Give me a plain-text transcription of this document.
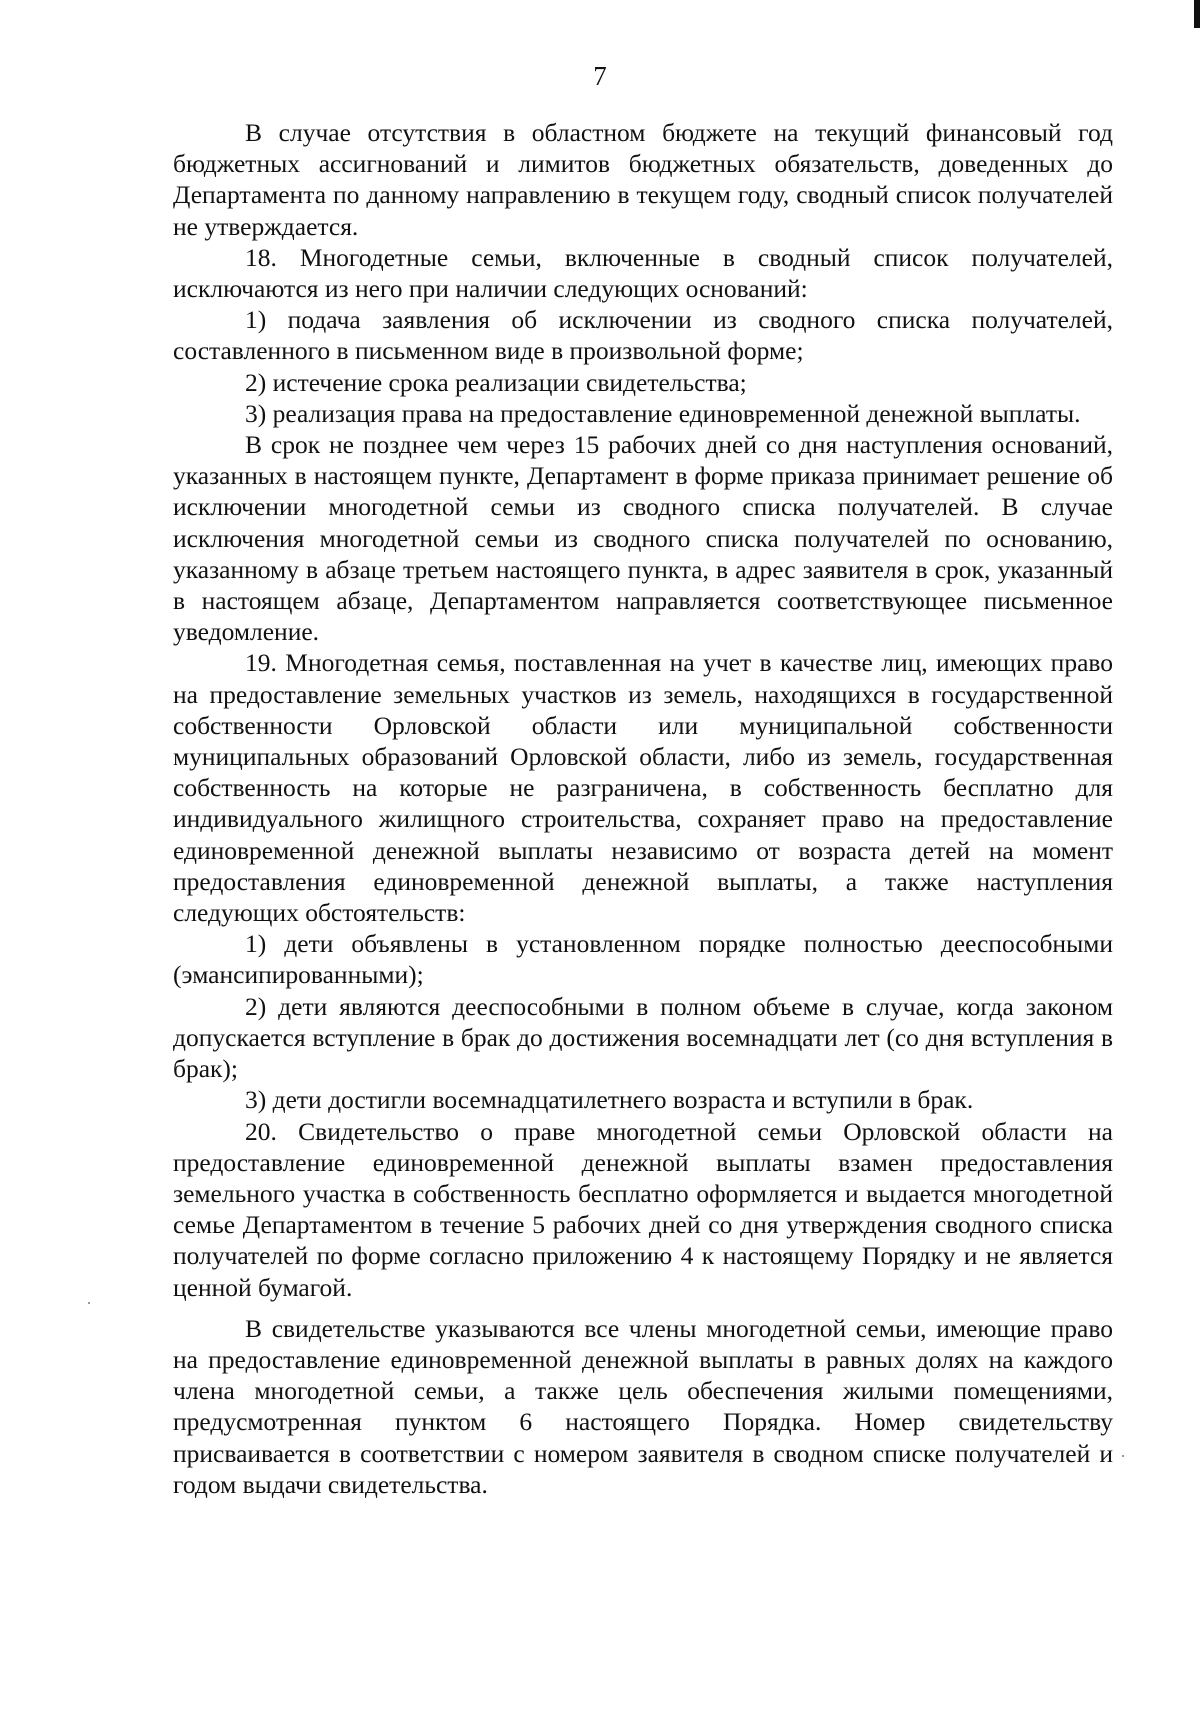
7

В случае отсутствия в областном бюджете на текущий финансовый год бюджетных ассигнований и лимитов бюджетных обязательств, доведенных до Департамента по данному направлению в текущем году, сводный список получателей не утверждается.

18. Многодетные семьи, включенные в сводный список получателей, исключаются из него при наличии следующих оснований:

1) подача заявления об исключении из сводного списка получателей, составленного в письменном виде в произвольной форме;

2) истечение срока реализации свидетельства;

3) реализация права на предоставление единовременной денежной выплаты.

В срок не позднее чем через 15 рабочих дней со дня наступления оснований, указанных в настоящем пункте, Департамент в форме приказа принимает решение об исключении многодетной семьи из сводного списка получателей. В случае исключения многодетной семьи из сводного списка получателей по основанию, указанному в абзаце третьем настоящего пункта, в адрес заявителя в срок, указанный в настоящем абзаце, Департаментом направляется соответствующее письменное уведомление.

19. Многодетная семья, поставленная на учет в качестве лиц, имеющих право на предоставление земельных участков из земель, находящихся в государственной собственности Орловской области или муниципальной собственности муниципальных образований Орловской области, либо из земель, государственная собственность на которые не разграничена, в собственность бесплатно для индивидуального жилищного строительства, сохраняет право на предоставление единовременной денежной выплаты независимо от возраста детей на момент предоставления единовременной денежной выплаты, а также наступления следующих обстоятельств:

1) дети объявлены в установленном порядке полностью дееспособными (эмансипированными);

2) дети являются дееспособными в полном объеме в случае, когда законом допускается вступление в брак до достижения восемнадцати лет (со дня вступления в брак);

3) дети достигли восемнадцатилетнего возраста и вступили в брак.

20. Свидетельство о праве многодетной семьи Орловской области на предоставление единовременной денежной выплаты взамен предоставления земельного участка в собственность бесплатно оформляется и выдается многодетной семье Департаментом в течение 5 рабочих дней со дня утверждения сводного списка получателей по форме согласно приложению 4 к настоящему Порядку и не является ценной бумагой.

В свидетельстве указываются все члены многодетной семьи, имеющие право на предоставление единовременной денежной выплаты в равных долях на каждого члена многодетной семьи, а также цель обеспечения жилыми помещениями, предусмотренная пунктом 6 настоящего Порядка. Номер свидетельству присваивается в соответствии с номером заявителя в сводном списке получателей и годом выдачи свидетельства.
